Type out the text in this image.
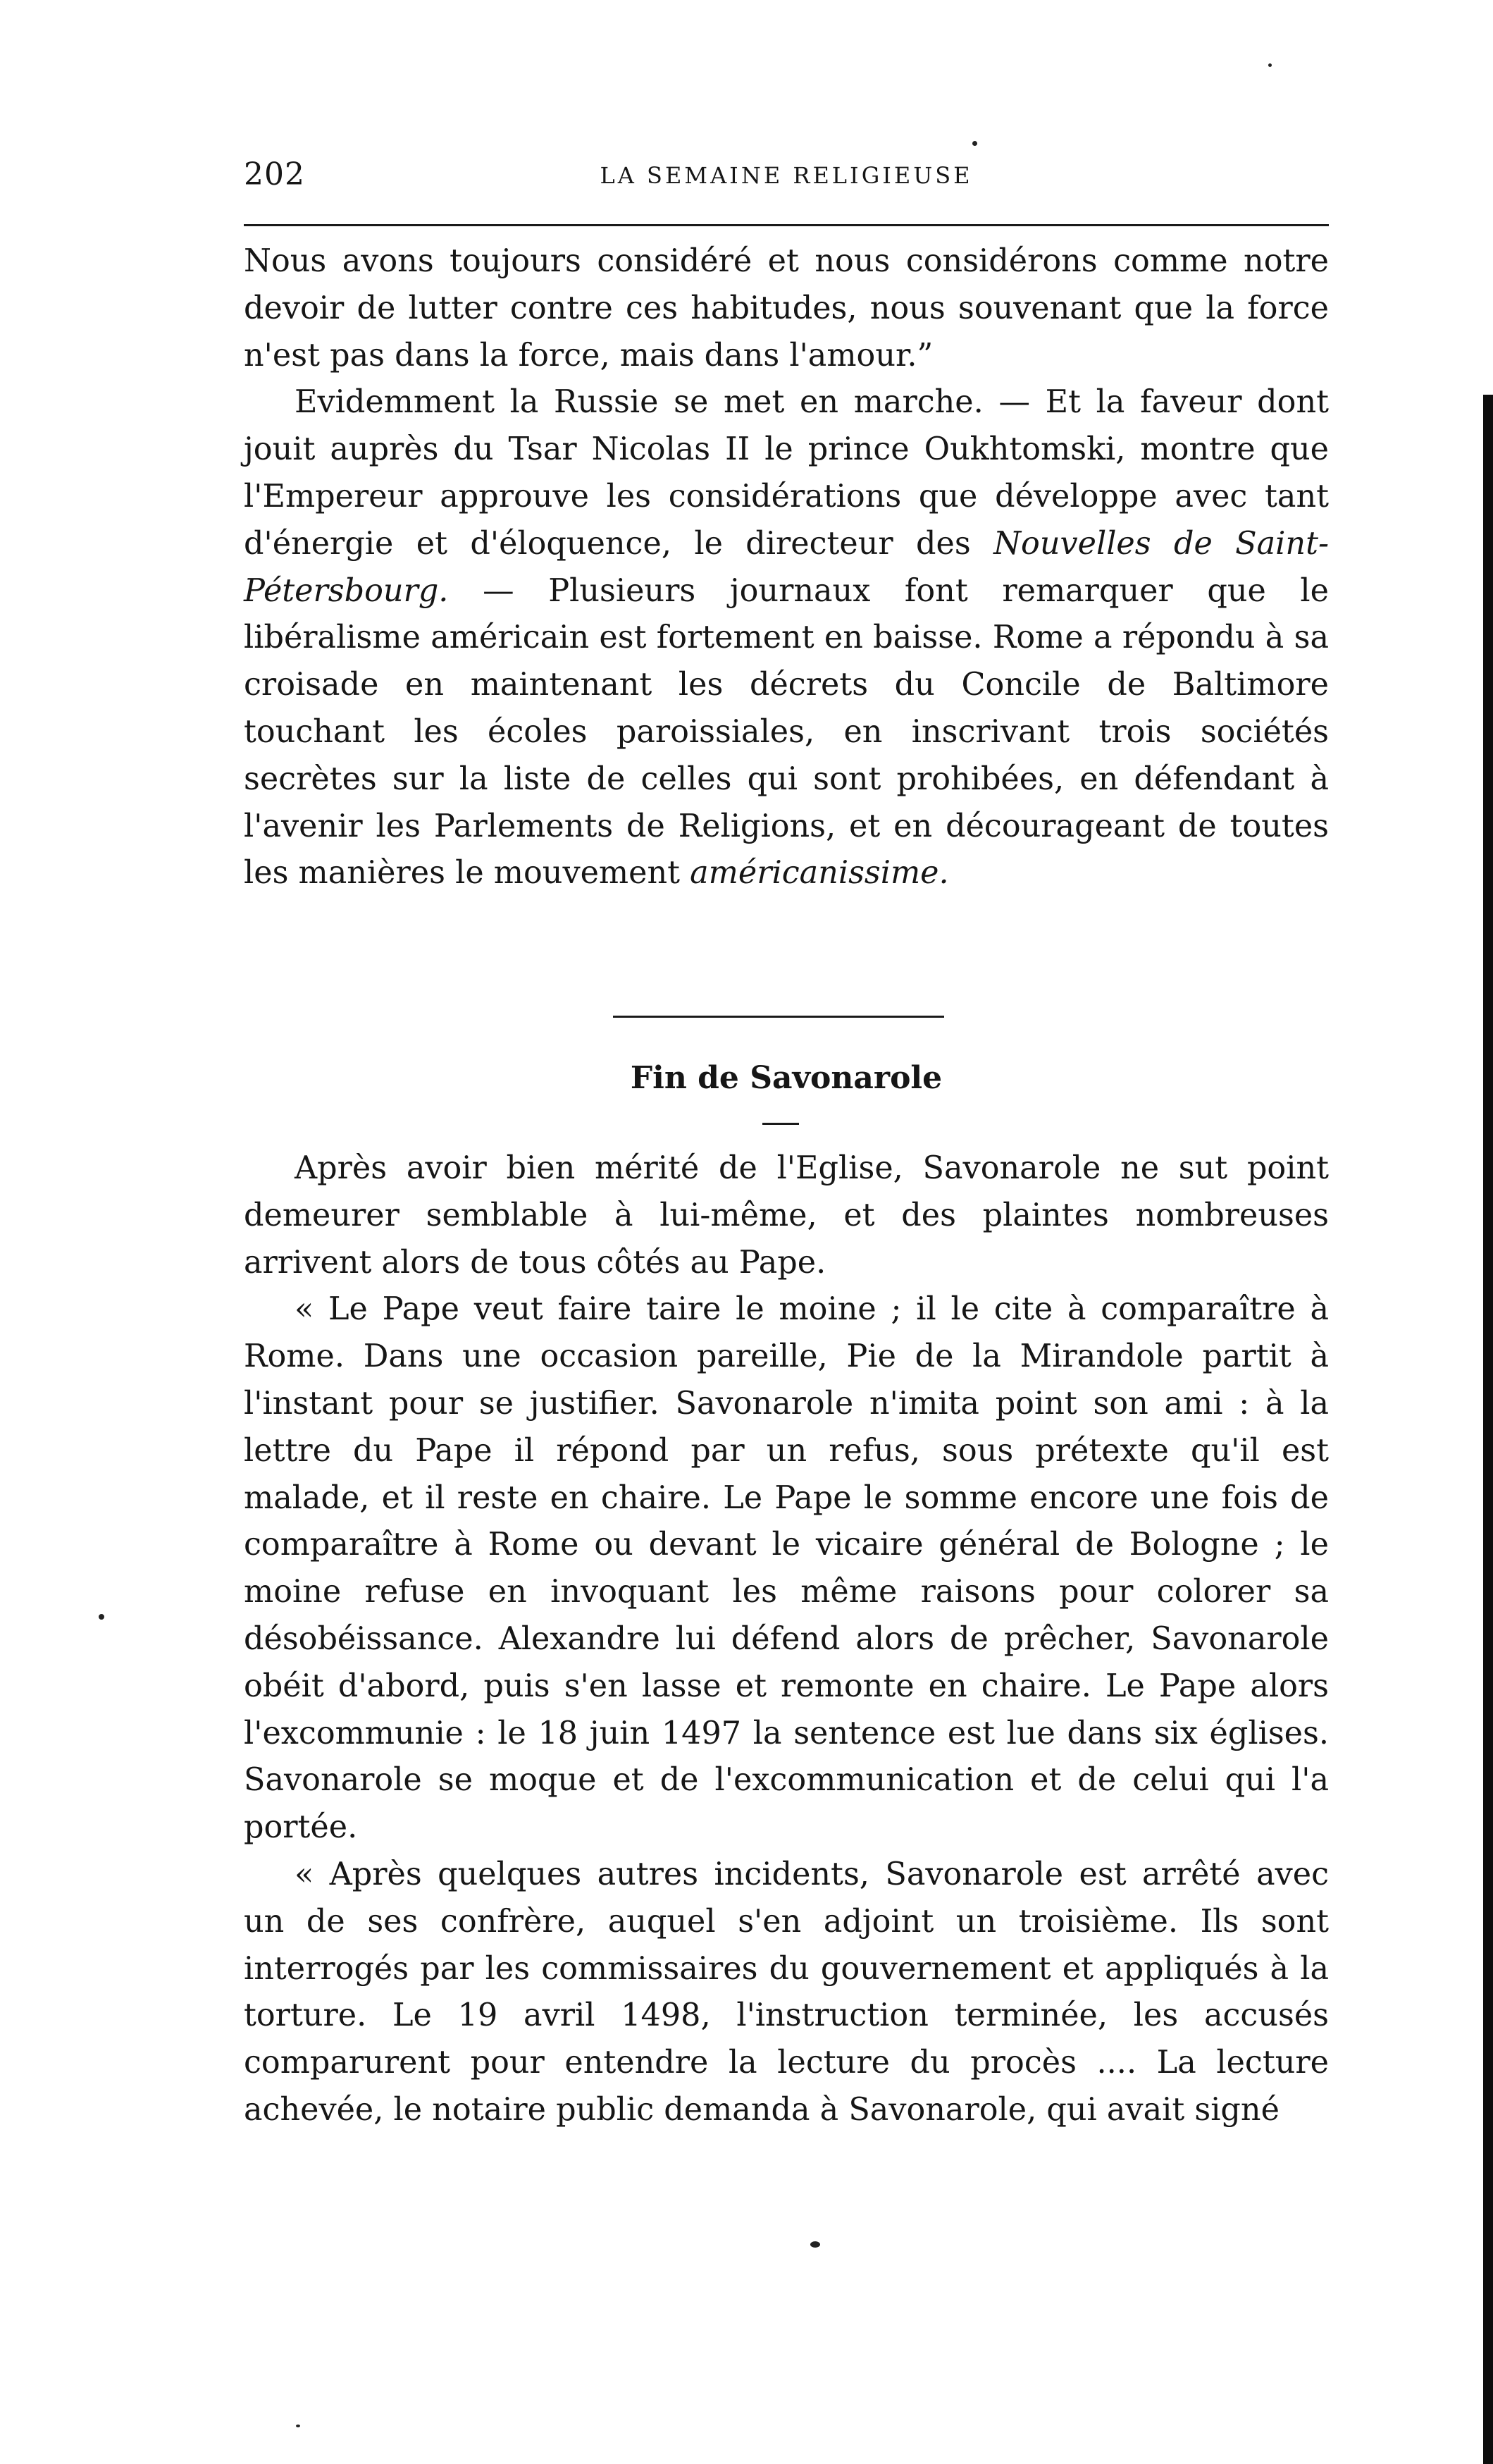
202	LA SEMAINE RELIGIEUSE

Nous avons toujours considéré et nous considérons comme notre devoir de lutter contre ces habitudes, nous souvenant que la force n'est pas dans la force, mais dans l'amour.”

Evidemment la Russie se met en marche. — Et la faveur dont jouit auprès du Tsar Nicolas II le prince Oukhtomski, montre que l'Empereur approuve les considérations que développe avec tant d'énergie et d'éloquence, le directeur des Nouvelles de Saint-Pétersbourg. — Plusieurs journaux font remarquer que le libéralisme américain est fortement en baisse. Rome a répondu à sa croisade en maintenant les décrets du Concile de Baltimore touchant les écoles paroissiales, en inscrivant trois sociétés secrètes sur la liste de celles qui sont prohibées, en défendant à l'avenir les Parlements de Religions, et en décourageant de toutes les manières le mouvement américanissime.

Fin de Savonarole

Après avoir bien mérité de l'Eglise, Savonarole ne sut point demeurer semblable à lui-même, et des plaintes nombreuses arrivent alors de tous côtés au Pape.

« Le Pape veut faire taire le moine ; il le cite à comparaître à Rome. Dans une occasion pareille, Pie de la Mirandole partit à l'instant pour se justifier. Savonarole n'imita point son ami : à la lettre du Pape il répond par un refus, sous prétexte qu'il est malade, et il reste en chaire. Le Pape le somme encore une fois de comparaître à Rome ou devant le vicaire général de Bologne ; le moine refuse en invoquant les même raisons pour colorer sa désobéissance. Alexandre lui défend alors de prêcher, Savonarole obéit d'abord, puis s'en lasse et remonte en chaire. Le Pape alors l'excommunie : le 18 juin 1497 la sentence est lue dans six églises. Savonarole se moque et de l'excommunication et de celui qui l'a portée.

« Après quelques autres incidents, Savonarole est arrêté avec un de ses confrère, auquel s'en adjoint un troisième. Ils sont interrogés par les commissaires du gouvernement et appliqués à la torture. Le 19 avril 1498, l'instruction terminée, les accusés comparurent pour entendre la lecture du procès .... La lecture achevée, le notaire public demanda à Savonarole, qui avait signé
